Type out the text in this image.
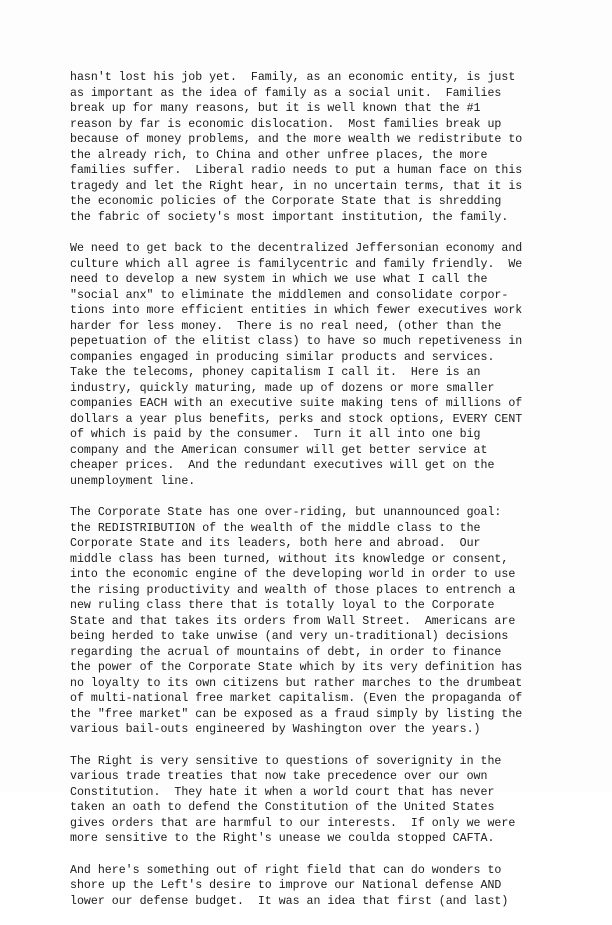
hasn't lost his job yet.  Family, as an economic entity, is just
as important as the idea of family as a social unit.  Families
break up for many reasons, but it is well known that the #1
reason by far is economic dislocation.  Most families break up
because of money problems, and the more wealth we redistribute to
the already rich, to China and other unfree places, the more
families suffer.  Liberal radio needs to put a human face on this
tragedy and let the Right hear, in no uncertain terms, that it is
the economic policies of the Corporate State that is shredding
the fabric of society's most important institution, the family.
We need to get back to the decentralized Jeffersonian economy and
culture which all agree is familycentric and family friendly.  We
need to develop a new system in which we use what I call the
"social anx" to eliminate the middlemen and consolidate corpor-
tions into more efficient entities in which fewer executives work
harder for less money.  There is no real need, (other than the
pepetuation of the elitist class) to have so much repetiveness in
companies engaged in producing similar products and services.
Take the telecoms, phoney capitalism I call it.  Here is an
industry, quickly maturing, made up of dozens or more smaller
companies EACH with an executive suite making tens of millions of
dollars a year plus benefits, perks and stock options, EVERY CENT
of which is paid by the consumer.  Turn it all into one big
company and the American consumer will get better service at
cheaper prices.  And the redundant executives will get on the
unemployment line.
The Corporate State has one over-riding, but unannounced goal:
the REDISTRIBUTION of the wealth of the middle class to the
Corporate State and its leaders, both here and abroad.  Our
middle class has been turned, without its knowledge or consent,
into the economic engine of the developing world in order to use
the rising productivity and wealth of those places to entrench a
new ruling class there that is totally loyal to the Corporate
State and that takes its orders from Wall Street.  Americans are
being herded to take unwise (and very un-traditional) decisions
regarding the acrual of mountains of debt, in order to finance
the power of the Corporate State which by its very definition has
no loyalty to its own citizens but rather marches to the drumbeat
of multi-national free market capitalism. (Even the propaganda of
the "free market" can be exposed as a fraud simply by listing the
various bail-outs engineered by Washington over the years.)
The Right is very sensitive to questions of soverignity in the
various trade treaties that now take precedence over our own
Constitution.  They hate it when a world court that has never
taken an oath to defend the Constitution of the United States
gives orders that are harmful to our interests.  If only we were
more sensitive to the Right's unease we coulda stopped CAFTA.
And here's something out of right field that can do wonders to
shore up the Left's desire to improve our National defense AND
lower our defense budget.  It was an idea that first (and last)
